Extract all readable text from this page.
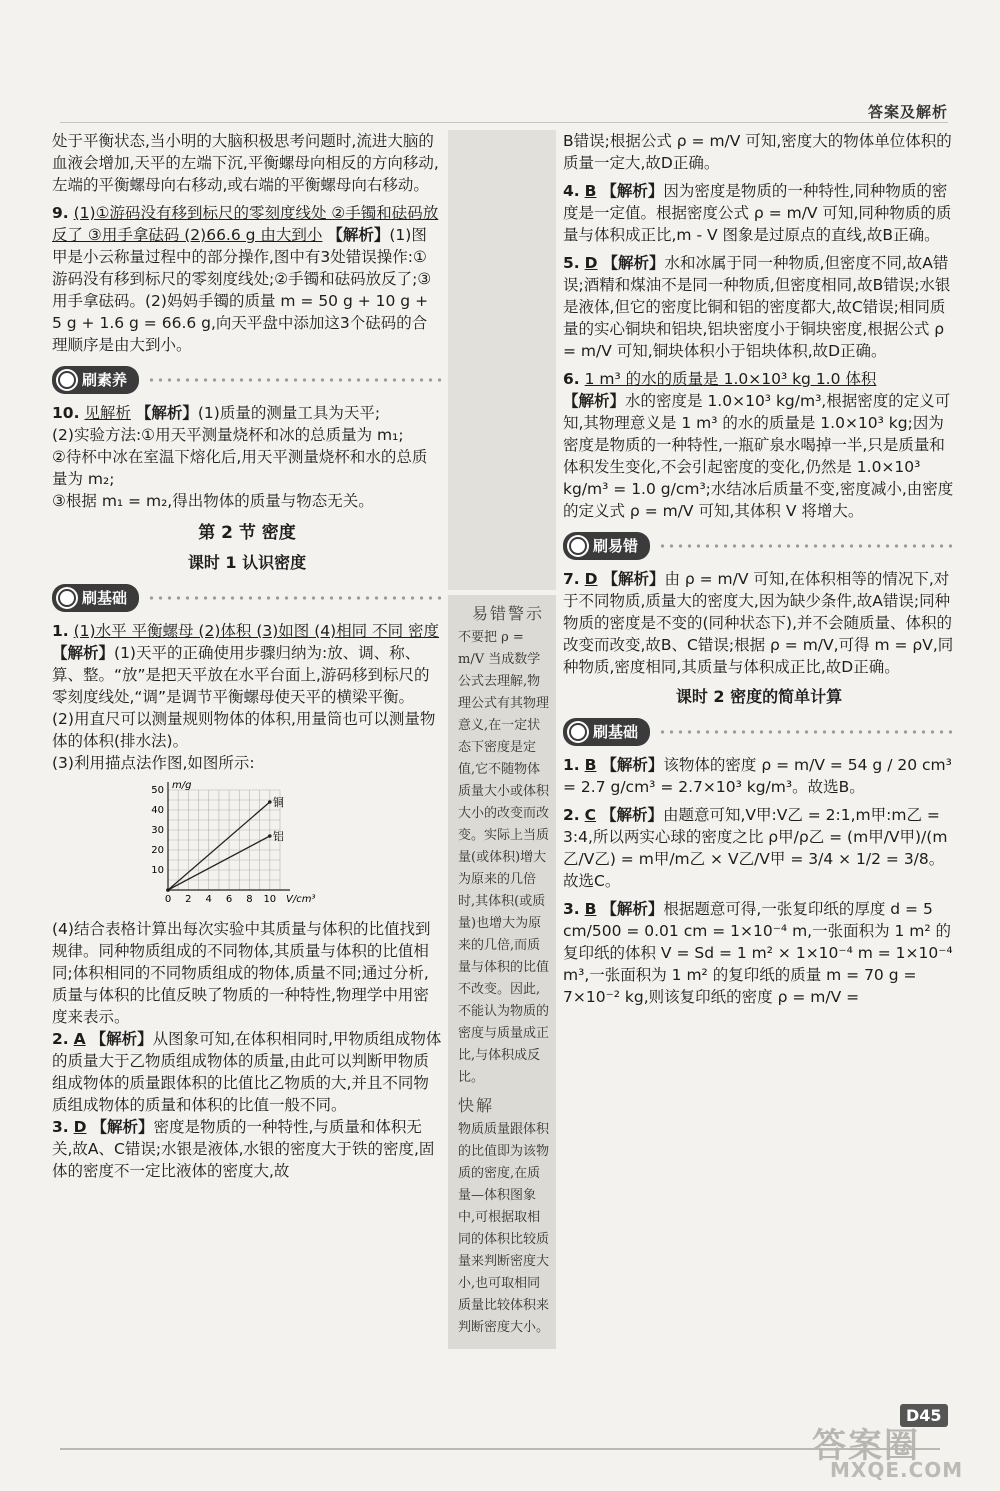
答案及解析

处于平衡状态,当小明的大脑积极思考问题时,流进大脑的血液会增加,天平的左端下沉,平衡螺母向相反的方向移动,左端的平衡螺母向右移动,或右端的平衡螺母向右移动。

9. (1)①游码没有移到标尺的零刻度线处 ②手镯和砝码放反了 ③用手拿砝码 (2)66.6 g 由大到小 【解析】(1)图甲是小云称量过程中的部分操作,图中有3处错误操作:①游码没有移到标尺的零刻度线处;②手镯和砝码放反了;③用手拿砝码。(2)妈妈手镯的质量 m = 50 g + 10 g + 5 g + 1.6 g = 66.6 g,向天平盘中添加这3个砝码的合理顺序是由大到小。

刷素养

10. 见解析 【解析】(1)质量的测量工具为天平;

(2)实验方法:①用天平测量烧杯和冰的总质量为 m₁;

②待杯中冰在室温下熔化后,用天平测量烧杯和水的总质量为 m₂;

③根据 m₁ = m₂,得出物体的质量与物态无关。

第 2 节 密度
课时 1 认识密度
刷基础

1. (1)水平 平衡螺母 (2)体积 (3)如图 (4)相同 不同 密度

【解析】(1)天平的正确使用步骤归纳为:放、调、称、算、整。“放”是把天平放在水平台面上,游码移到标尺的零刻度线处,“调”是调节平衡螺母使天平的横梁平衡。

(2)用直尺可以测量规则物体的体积,用量筒也可以测量物体的体积(排水法)。

(3)利用描点法作图,如图所示:

0 2 4 6 8 10
10
20
30
40
50
V/cm³
m/g
铜
铝

(4)结合表格计算出每次实验中其质量与体积的比值找到规律。同种物质组成的不同物体,其质量与体积的比值相同;体积相同的不同物质组成的物体,质量不同;通过分析,质量与体积的比值反映了物质的一种特性,物理学中用密度来表示。

2. A 【解析】从图象可知,在体积相同时,甲物质组成物体的质量大于乙物质组成物体的质量,由此可以判断甲物质组成物体的质量跟体积的比值比乙物质的大,并且不同物质组成物体的质量和体积的比值一般不同。

3. D 【解析】密度是物质的一种特性,与质量和体积无关,故A、C错误;水银是液体,水银的密度大于铁的密度,固体的密度不一定比液体的密度大,故

易错警示
不要把 ρ = m/V 当成数学公式去理解,物理公式有其物理意义,在一定状态下密度是定值,它不随物体质量大小或体积大小的改变而改变。实际上当质量(或体积)增大为原来的几倍时,其体积(或质量)也增大为原来的几倍,而质量与体积的比值不改变。因此,不能认为物质的密度与质量成正比,与体积成反比。
快解
物质质量跟体积的比值即为该物质的密度,在质量—体积图象中,可根据取相同的体积比较质量来判断密度大小,也可取相同质量比较体积来判断密度大小。

B错误;根据公式 ρ = m/V 可知,密度大的物体单位体积的质量一定大,故D正确。

4. B 【解析】因为密度是物质的一种特性,同种物质的密度是一定值。根据密度公式 ρ = m/V 可知,同种物质的质量与体积成正比,m - V 图象是过原点的直线,故B正确。

5. D 【解析】水和冰属于同一种物质,但密度不同,故A错误;酒精和煤油不是同一种物质,但密度相同,故B错误;水银是液体,但它的密度比铜和铝的密度都大,故C错误;相同质量的实心铜块和铝块,铝块密度小于铜块密度,根据公式 ρ = m/V 可知,铜块体积小于铝块体积,故D正确。

6. 1 m³ 的水的质量是 1.0×10³ kg 1.0 体积

【解析】水的密度是 1.0×10³ kg/m³,根据密度的定义可知,其物理意义是 1 m³ 的水的质量是 1.0×10³ kg;因为密度是物质的一种特性,一瓶矿泉水喝掉一半,只是质量和体积发生变化,不会引起密度的变化,仍然是 1.0×10³ kg/m³ = 1.0 g/cm³;水结冰后质量不变,密度减小,由密度的定义式 ρ = m/V 可知,其体积 V 将增大。

刷易错

7. D 【解析】由 ρ = m/V 可知,在体积相等的情况下,对于不同物质,质量大的密度大,因为缺少条件,故A错误;同种物质的密度是不变的(同种状态下),并不会随质量、体积的改变而改变,故B、C错误;根据 ρ = m/V,可得 m = ρV,同种物质,密度相同,其质量与体积成正比,故D正确。

课时 2 密度的简单计算
刷基础

1. B 【解析】该物体的密度 ρ = m/V = 54 g / 20 cm³ = 2.7 g/cm³ = 2.7×10³ kg/m³。故选B。

2. C 【解析】由题意可知,V甲:V乙 = 2:1,m甲:m乙 = 3:4,所以两实心球的密度之比 ρ甲/ρ乙 = (m甲/V甲)/(m乙/V乙) = m甲/m乙 × V乙/V甲 = 3/4 × 1/2 = 3/8。故选C。

3. B 【解析】根据题意可得,一张复印纸的厚度 d = 5 cm/500 = 0.01 cm = 1×10⁻⁴ m,一张面积为 1 m² 的复印纸的体积 V = Sd = 1 m² × 1×10⁻⁴ m = 1×10⁻⁴ m³,一张面积为 1 m² 的复印纸的质量 m = 70 g = 7×10⁻² kg,则该复印纸的密度 ρ = m/V =

D45
答案圈
MXQE.COM
